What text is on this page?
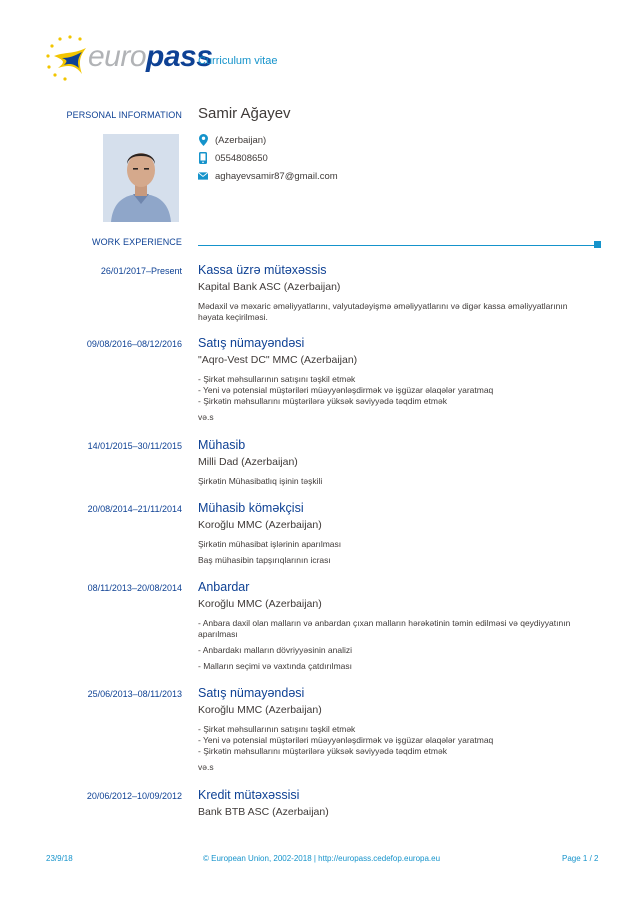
europass
Curriculum vitae
PERSONAL INFORMATION Samir Ağayev
(Azerbaijan)
0554808650
aghayevsamir87@gmail.com
WORK EXPERIENCE
26/01/2017–Present Kassa üzrə mütəxəssis
Kapital Bank ASC (Azerbaijan)

Mədaxil və məxaric əməliyyatlarını, valyutadəyişmə əməliyyatlarını və digər kassa əməliyyatlarının

həyata keçirilməsi.

09/08/2016–08/12/2016 Satış nümayəndəsi
"Aqro-Vest DC" MMC (Azerbaijan)

- Şirkət məhsullarının satışını təşkil etmək

- Yeni və potensial müştəriləri müəyyənləşdirmək və işgüzar əlaqələr yaratmaq

- Şirkətin məhsullarını müştərilərə yüksək səviyyədə təqdim etmək

və.s

14/01/2015–30/11/2015 Mühasib
Milli Dad (Azerbaijan)

Şirkətin Mühasibatlıq işinin təşkili

20/08/2014–21/11/2014 Mühasib köməkçisi
Koroğlu MMC (Azerbaijan)

Şirkətin mühasibat işlərinin aparılması

Baş mühasibin tapşırıqlarının icrası

08/11/2013–20/08/2014 Anbardar
Koroğlu MMC (Azerbaijan)

- Anbara daxil olan malların və anbardan çıxan malların hərəkətinin təmin edilməsi və qeydiyyatının

aparılması

- Anbardakı malların dövriyyəsinin analizi

- Malların seçimi və vaxtında çatdırılması

25/06/2013–08/11/2013 Satış nümayəndəsi
Koroğlu MMC (Azerbaijan)

- Şirkət məhsullarının satışını təşkil etmək

- Yeni və potensial müştəriləri müəyyənləşdirmək və işgüzar əlaqələr yaratmaq

- Şirkətin məhsullarını müştərilərə yüksək səviyyədə təqdim etmək

və.s

20/06/2012–10/09/2012 Kredit mütəxəssisi
Bank BTB ASC (Azerbaijan)
23/9/18	© European Union, 2002-2018 | http://europass.cedefop.europa.eu	Page 1 / 2
